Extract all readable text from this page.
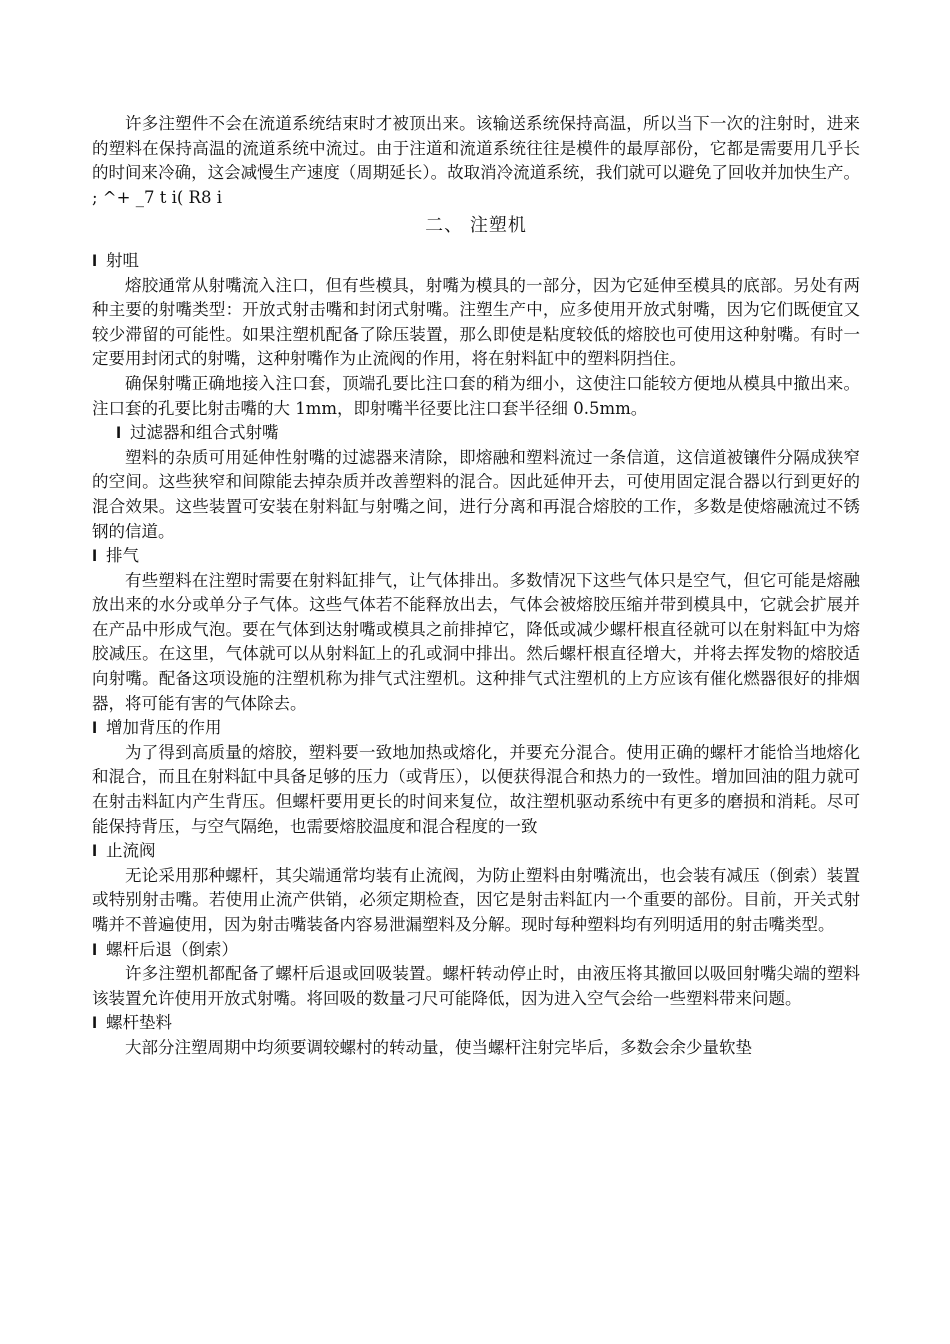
许多注塑件不会在流道系统结束时才被顶出来。该输送系统保持高温，所以当下一次的注射时，进来的塑料在保持高温的流道系统中流过。由于注道和流道系统往往是模件的最厚部份，它都是需要用几乎长的时间来冷确，这会减慢生产速度（周期延长）。故取消冷流道系统，我们就可以避免了回收并加快生产。 ; ^+ _7 t i( R8 i

二、 注塑机

l 射咀

熔胶通常从射嘴流入注口，但有些模具，射嘴为模具的一部分，因为它延伸至模具的底部。另处有两种主要的射嘴类型：开放式射击嘴和封闭式射嘴。注塑生产中，应多使用开放式射嘴，因为它们既便宜又较少滞留的可能性。如果注塑机配备了除压装置，那么即使是粘度较低的熔胶也可使用这种射嘴。有时一定要用封闭式的射嘴，这种射嘴作为止流阀的作用，将在射料缸中的塑料阴挡住。

确保射嘴正确地接入注口套，顶端孔要比注口套的稍为细小，这使注口能较方便地从模具中撤出来。注口套的孔要比射击嘴的大 1mm，即射嘴半径要比注口套半径细 0.5mm。

l 过滤器和组合式射嘴

塑料的杂质可用延伸性射嘴的过滤器来清除，即熔融和塑料流过一条信道，这信道被镶件分隔成狭窄的空间。这些狭窄和间隙能去掉杂质并改善塑料的混合。因此延伸开去，可使用固定混合器以行到更好的混合效果。这些装置可安装在射料缸与射嘴之间，进行分离和再混合熔胶的工作，多数是使熔融流过不锈钢的信道。

l 排气

有些塑料在注塑时需要在射料缸排气，让气体排出。多数情况下这些气体只是空气，但它可能是熔融放出来的水分或单分子气体。这些气体若不能释放出去，气体会被熔胶压缩并带到模具中，它就会扩展并在产品中形成气泡。要在气体到达射嘴或模具之前排掉它，降低或减少螺杆根直径就可以在射料缸中为熔胶减压。在这里，气体就可以从射料缸上的孔或洞中排出。然后螺杆根直径增大，并将去挥发物的熔胶适向射嘴。配备这项设施的注塑机称为排气式注塑机。这种排气式注塑机的上方应该有催化燃器很好的排烟器，将可能有害的气体除去。

l 增加背压的作用

为了得到高质量的熔胶，塑料要一致地加热或熔化，并要充分混合。使用正确的螺杆才能恰当地熔化和混合，而且在射料缸中具备足够的压力（或背压），以便获得混合和热力的一致性。增加回油的阻力就可在射击料缸内产生背压。但螺杆要用更长的时间来复位，故注塑机驱动系统中有更多的磨损和消耗。尽可能保持背压，与空气隔绝，也需要熔胶温度和混合程度的一致

l 止流阀

无论采用那种螺杆，其尖端通常均装有止流阀，为防止塑料由射嘴流出，也会装有减压（倒索）装置或特别射击嘴。若使用止流产供销，必须定期检查，因它是射击料缸内一个重要的部份。目前，开关式射嘴并不普遍使用，因为射击嘴装备内容易泄漏塑料及分解。现时每种塑料均有列明适用的射击嘴类型。

l 螺杆后退（倒索）

许多注塑机都配备了螺杆后退或回吸装置。螺杆转动停止时，由液压将其撤回以吸回射嘴尖端的塑料该装置允许使用开放式射嘴。将回吸的数量刁尺可能降低，因为进入空气会给一些塑料带来问题。

l 螺杆垫料

大部分注塑周期中均须要调较螺村的转动量，使当螺杆注射完毕后，多数会余少量软垫
